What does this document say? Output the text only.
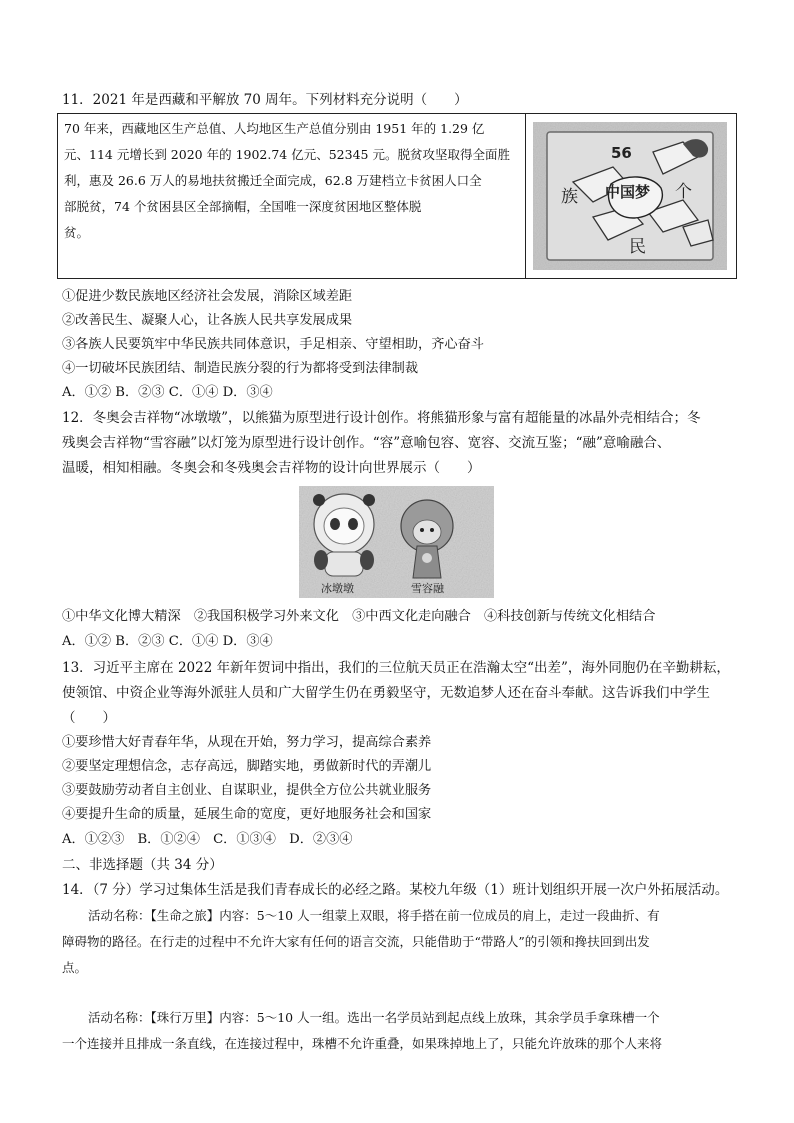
11．2021 年是西藏和平解放 70 周年。下列材料充分说明（　　）
70 年来，西藏地区生产总值、人均地区生产总值分别由 1951 年的 1.29 亿
元、114 元增长到 2020 年的 1902.74 亿元、52345 元。脱贫攻坚取得全面胜
利，惠及 26.6 万人的易地扶贫搬迁全面完成，62.8 万建档立卡贫困人口全
部脱贫，74 个贫困县区全部摘帽，全国唯一深度贫困地区整体脱
贫。
56
中国梦
族	个
民
①促进少数民族地区经济社会发展，消除区域差距
②改善民生、凝聚人心，让各族人民共享发展成果
③各族人民要筑牢中华民族共同体意识，手足相亲、守望相助，齐心奋斗
④一切破坏民族团结、制造民族分裂的行为都将受到法律制裁
A．①② B．②③ C．①④ D．③④
12．冬奥会吉祥物“冰墩墩”，以熊猫为原型进行设计创作。将熊猫形象与富有超能量的冰晶外壳相结合；冬
残奥会吉祥物“雪容融”以灯笼为原型进行设计创作。“容”意喻包容、宽容、交流互鉴；“融”意喻融合、
温暖，相知相融。冬奥会和冬残奥会吉祥物的设计向世界展示（　　）
冰墩墩	雪容融
①中华文化博大精深　②我国积极学习外来文化　③中西文化走向融合　④科技创新与传统文化相结合
A．①② B．②③ C．①④ D．③④
13．习近平主席在 2022 年新年贺词中指出，我们的三位航天员正在浩瀚太空“出差”，海外同胞仍在辛勤耕耘，
使领馆、中资企业等海外派驻人员和广大留学生仍在勇毅坚守，无数追梦人还在奋斗奉献。这告诉我们中学生
（　　）
①要珍惜大好青春年华，从现在开始，努力学习，提高综合素养
②要坚定理想信念，志存高远，脚踏实地，勇做新时代的弄潮儿
③要鼓励劳动者自主创业、自谋职业，提供全方位公共就业服务
④要提升生命的质量，延展生命的宽度，更好地服务社会和国家
A．①②③　B．①②④　C．①③④　D．②③④
二、非选择题（共 34 分）
14．（7 分）学习过集体生活是我们青春成长的必经之路。某校九年级（1）班计划组织开展一次户外拓展活动。
活动名称：【生命之旅】内容：5～10 人一组蒙上双眼，将手搭在前一位成员的肩上，走过一段曲折、有
障碍物的路径。在行走的过程中不允许大家有任何的语言交流，只能借助于“带路人”的引领和搀扶回到出发
点。
活动名称：【珠行万里】内容：5～10 人一组。选出一名学员站到起点线上放珠，其余学员手拿珠槽一个
一个连接并且排成一条直线，在连接过程中，珠槽不允许重叠，如果珠掉地上了，只能允许放珠的那个人来将
